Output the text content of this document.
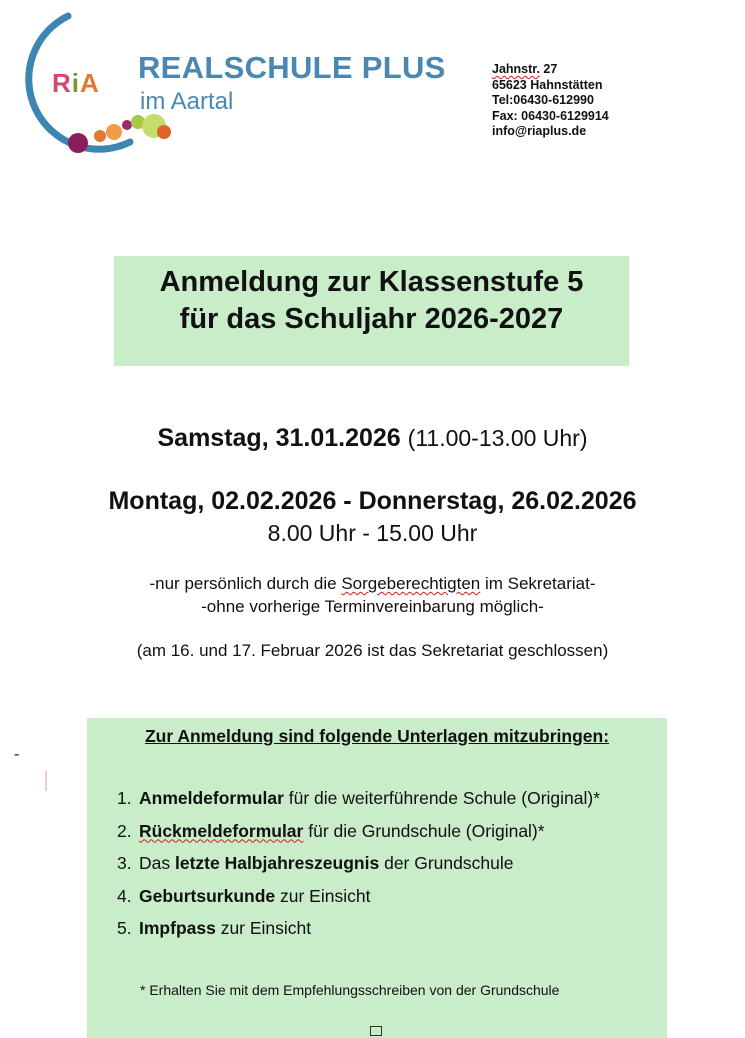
RiA REALSCHULE PLUS
im Aartal
Jahnstr. 27
65623 Hahnstätten
Tel:06430-612990
Fax: 06430-6129914
info@riaplus.de
Anmeldung zur Klassenstufe 5
für das Schuljahr 2026-2027
Samstag, 31.01.2026 (11.00-13.00 Uhr)
Montag, 02.02.2026 - Donnerstag, 26.02.2026
8.00 Uhr - 15.00 Uhr
-nur persönlich durch die Sorgeberechtigten im Sekretariat-
-ohne vorherige Terminvereinbarung möglich-
(am 16. und 17. Februar 2026 ist das Sekretariat geschlossen)
-
Zur Anmeldung sind folgende Unterlagen mitzubringen:
1. Anmeldeformular für die weiterführende Schule (Original)*
2. Rückmeldeformular für die Grundschule (Original)*
3. Das letzte Halbjahreszeugnis der Grundschule
4. Geburtsurkunde zur Einsicht
5. Impfpass zur Einsicht
* Erhalten Sie mit dem Empfehlungsschreiben von der Grundschule
